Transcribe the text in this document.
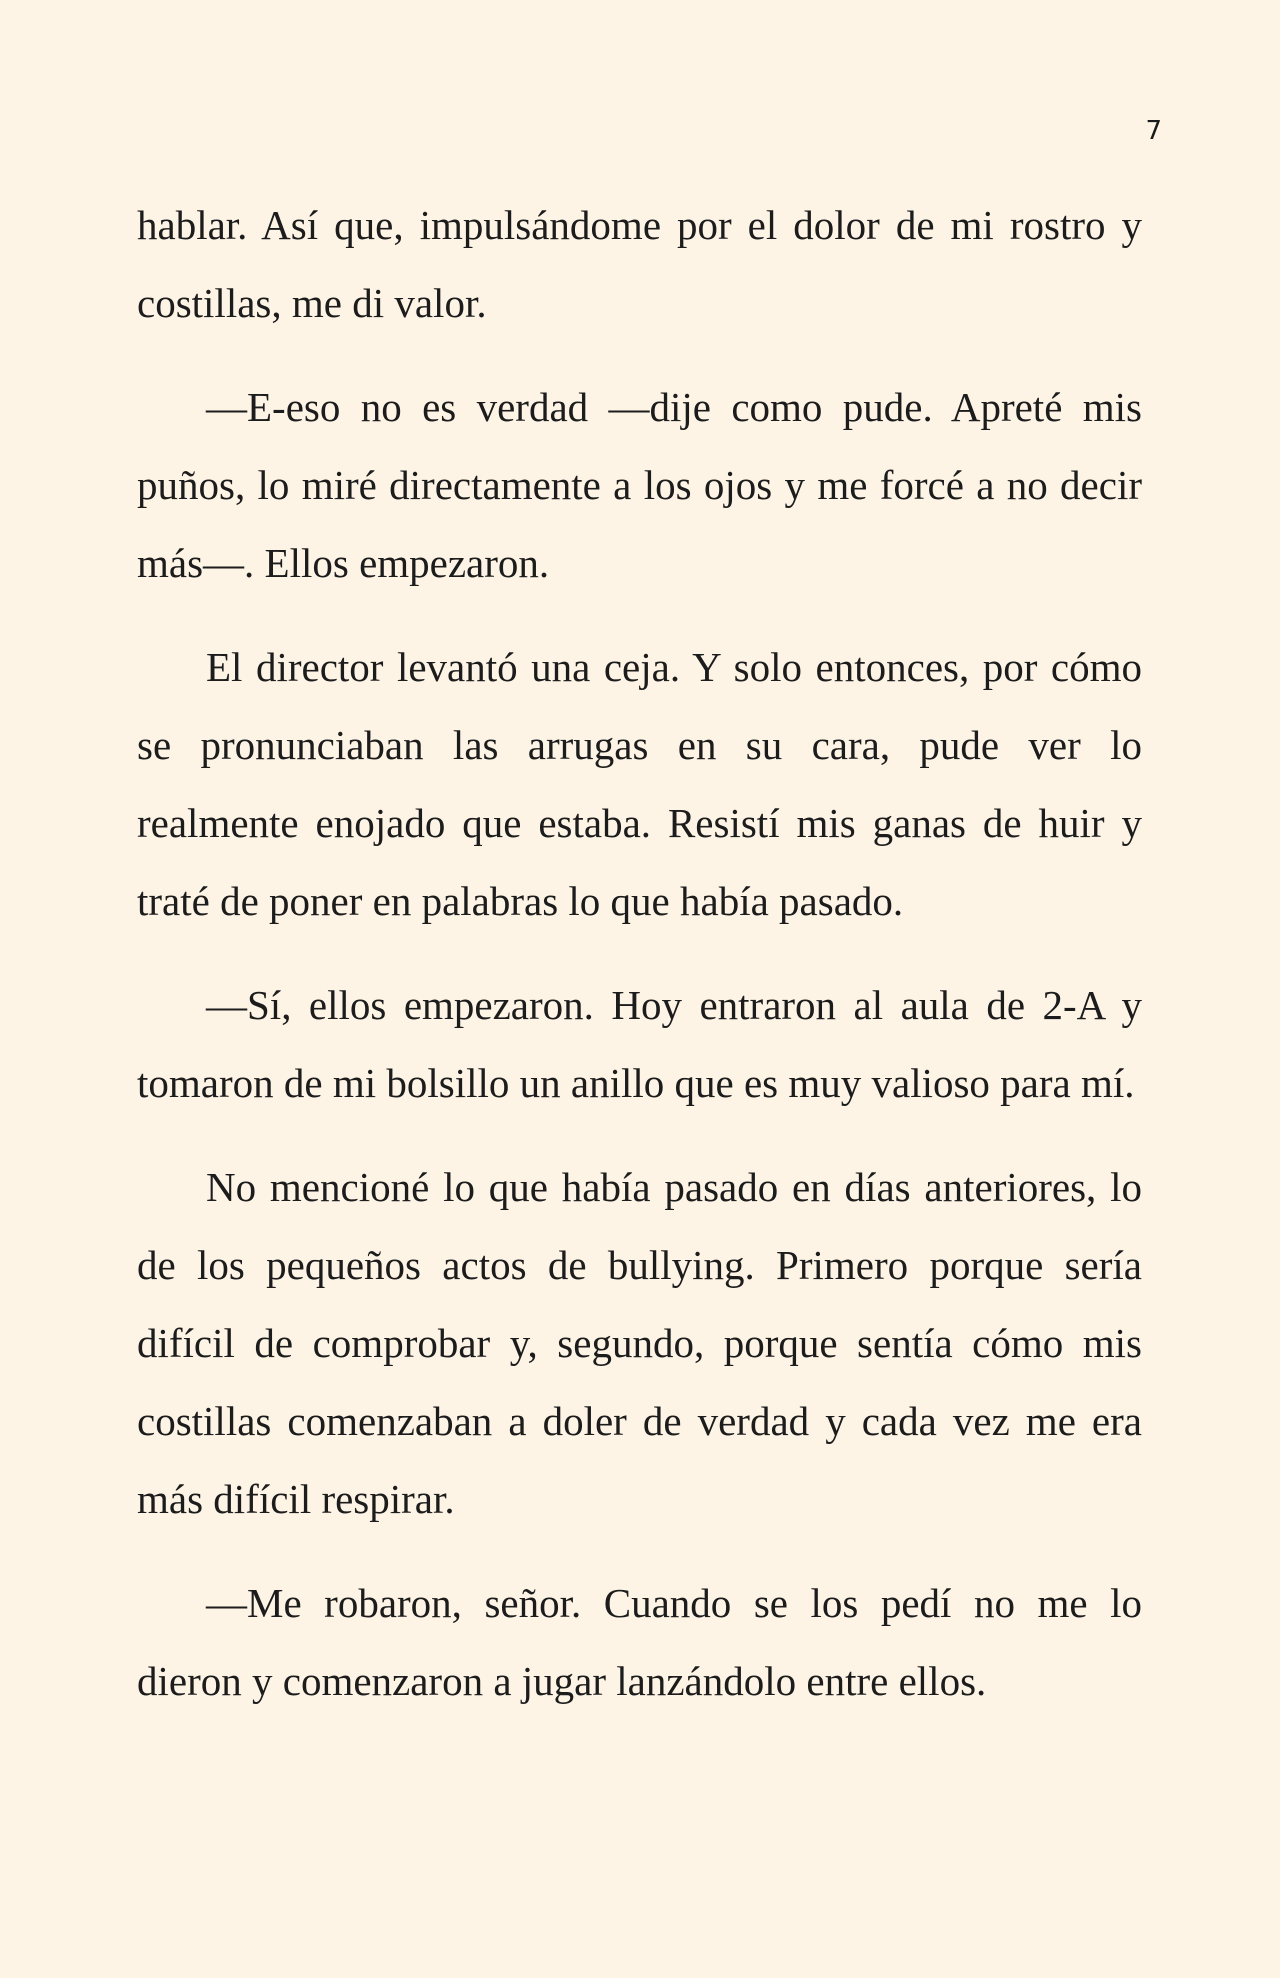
7

hablar. Así que, impulsándome por el dolor de mi rostro y costillas, me di valor.

—E-eso no es verdad —dije como pude. Apreté mis puños, lo miré directamente a los ojos y me forcé a no decir más—. Ellos empezaron.

El director levantó una ceja. Y solo entonces, por cómo se pronunciaban las arrugas en su cara, pude ver lo realmente enojado que estaba. Resistí mis ganas de huir y traté de poner en palabras lo que había pasado.

—Sí, ellos empezaron. Hoy entraron al aula de 2-A y tomaron de mi bolsillo un anillo que es muy valioso para mí.

No mencioné lo que había pasado en días anteriores, lo de los pequeños actos de bullying. Primero porque sería difícil de comprobar y, segundo, porque sentía cómo mis costillas comenzaban a doler de verdad y cada vez me era más difícil respirar.

—Me robaron, señor. Cuando se los pedí no me lo dieron y comenzaron a jugar lanzándolo entre ellos.
